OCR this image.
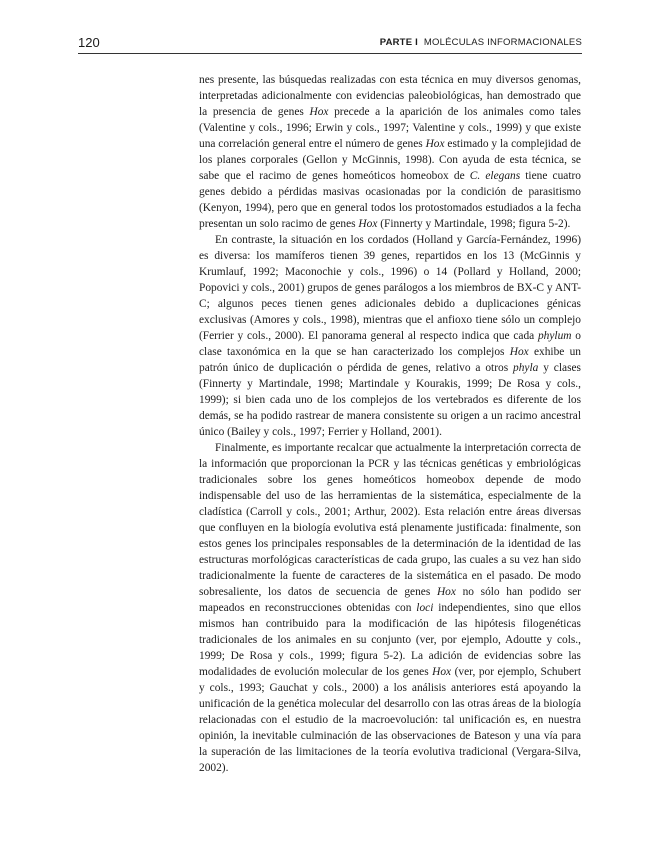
120	PARTE I MOLÉCULAS INFORMACIONALES

nes presente, las búsquedas realizadas con esta técnica en muy diversos genomas, interpretadas adicionalmente con evidencias paleobiológicas, han demostrado que la presencia de genes Hox precede a la aparición de los animales como tales (Valentine y cols., 1996; Erwin y cols., 1997; Valentine y cols., 1999) y que existe una correlación general entre el número de genes Hox estimado y la complejidad de los planes corporales (Gellon y McGinnis, 1998). Con ayuda de esta técnica, se sabe que el racimo de genes homeóticos homeobox de C. elegans tiene cuatro genes debido a pérdidas masivas ocasionadas por la condición de parasitismo (Kenyon, 1994), pero que en general todos los protostomados estudiados a la fecha presentan un solo racimo de genes Hox (Finnerty y Martindale, 1998; figura 5-2).

En contraste, la situación en los cordados (Holland y García-Fernández, 1996) es diversa: los mamíferos tienen 39 genes, repartidos en los 13 (McGinnis y Krumlauf, 1992; Maconochie y cols., 1996) o 14 (Pollard y Holland, 2000; Popovici y cols., 2001) grupos de genes parálogos a los miembros de BX-C y ANT-C; algunos peces tienen genes adicionales debido a duplicaciones génicas exclusivas (Amores y cols., 1998), mientras que el anfioxo tiene sólo un complejo (Ferrier y cols., 2000). El panorama general al respecto indica que cada phylum o clase taxonómica en la que se han caracterizado los complejos Hox exhibe un patrón único de duplicación o pérdida de genes, relativo a otros phyla y clases (Finnerty y Martindale, 1998; Martindale y Kourakis, 1999; De Rosa y cols., 1999); si bien cada uno de los complejos de los vertebrados es diferente de los demás, se ha podido rastrear de manera consistente su origen a un racimo ancestral único (Bailey y cols., 1997; Ferrier y Holland, 2001).

Finalmente, es importante recalcar que actualmente la interpretación correcta de la información que proporcionan la PCR y las técnicas genéticas y embriológicas tradicionales sobre los genes homeóticos homeobox depende de modo indispensable del uso de las herramientas de la sistemática, especialmente de la cladística (Carroll y cols., 2001; Arthur, 2002). Esta relación entre áreas diversas que confluyen en la biología evolutiva está plenamente justificada: finalmente, son estos genes los principales responsables de la determinación de la identidad de las estructuras morfológicas características de cada grupo, las cuales a su vez han sido tradicionalmente la fuente de caracteres de la sistemática en el pasado. De modo sobresaliente, los datos de secuencia de genes Hox no sólo han podido ser mapeados en reconstrucciones obtenidas con loci independientes, sino que ellos mismos han contribuido para la modificación de las hipótesis filogenéticas tradicionales de los animales en su conjunto (ver, por ejemplo, Adoutte y cols., 1999; De Rosa y cols., 1999; figura 5-2). La adición de evidencias sobre las modalidades de evolución molecular de los genes Hox (ver, por ejemplo, Schubert y cols., 1993; Gauchat y cols., 2000) a los análisis anteriores está apoyando la unificación de la genética molecular del desarrollo con las otras áreas de la biología relacionadas con el estudio de la macroevolución: tal unificación es, en nuestra opinión, la inevitable culminación de las observaciones de Bateson y una vía para la superación de las limitaciones de la teoría evolutiva tradicional (Vergara-Silva, 2002).
